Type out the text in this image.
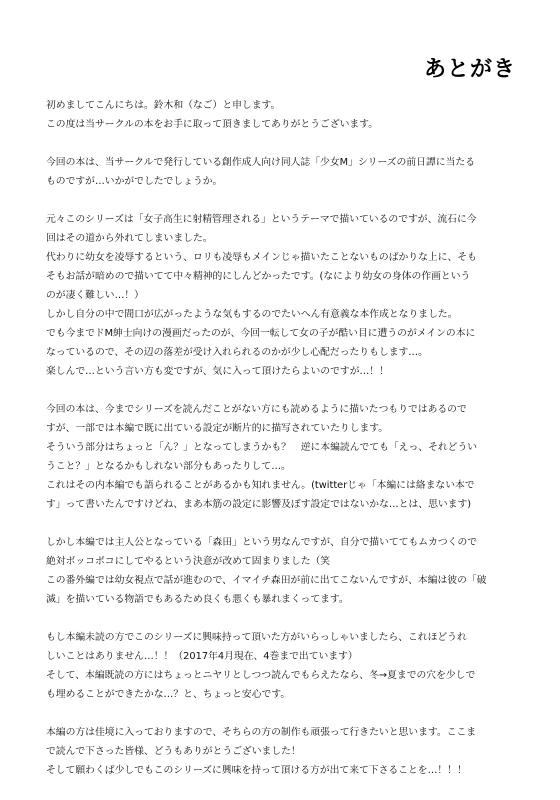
あとがき
初めましてこんにちは。鈴木和（なご）と申します。
この度は当サークルの本をお手に取って頂きましてありがとうございます。
今回の本は、当サークルで発行している創作成人向け同人誌「少女M」シリーズの前日譚に当たる
ものですが…いかがでしたでしょうか。
元々このシリーズは「女子高生に射精管理される」というテーマで描いているのですが、流石に今
回はその道から外れてしまいました。
代わりに幼女を凌辱するという、ロリも凌辱もメインじゃ描いたことないものばかりな上に、そも
そもお話が暗めので描いてて中々精神的にしんどかったです。(なにより幼女の身体の作画という
のが凄く難しい…！）
しかし自分の中で間口が広がったような気もするのでたいへん有意義な本作成となりました。
でも今までドM紳士向けの漫画だったのが、今回一転して女の子が酷い目に遭うのがメインの本に
なっているので、その辺の落差が受け入れられるのかが少し心配だったりもします…。
楽しんで…という言い方も変ですが、気に入って頂けたらよいのですが…！！
今回の本は、今までシリーズを読んだことがない方にも読めるように描いたつもりではあるので
すが、一部では本編で既に出ている設定が断片的に描写されていたりします。
そういう部分はちょっと「ん？」となってしまうかも？　逆に本編読んでても「えっ、それどうい
うこと？」となるかもしれない部分もあったりして…。
これはその内本編でも語られることがあるかも知れません。(twitterじゃ「本編には絡まない本で
す」って書いたんですけどね、まあ本筋の設定に影響及ぼす設定ではないかな…とは、思います)
しかし本編では主人公となっている「森田」という男なんですが、自分で描いててもムカつくので
絶対ボッコボコにしてやるという決意が改めて固まりました（笑
この番外編では幼女視点で話が進むので、イマイチ森田が前に出てこないんですが、本編は彼の「破
滅」を描いている物語でもあるため良くも悪くも暴れまくってます。
もし本編未読の方でこのシリーズに興味持って頂いた方がいらっしゃいましたら、これほどうれ
しいことはありません…！！（2017年4月現在、4巻まで出ています）
そして、本編既読の方にはちょっとニヤリとしつつ読んでもらえたなら、冬→夏までの穴を少しで
も埋めることができたかな…？と、ちょっと安心です。
本編の方は佳境に入っておりますので、そちらの方の制作も頑張って行きたいと思います。ここま
で読んで下さった皆様、どうもありがとうございました！
そして願わくば少しでもこのシリーズに興味を持って頂ける方が出て来て下さることを…！！！
